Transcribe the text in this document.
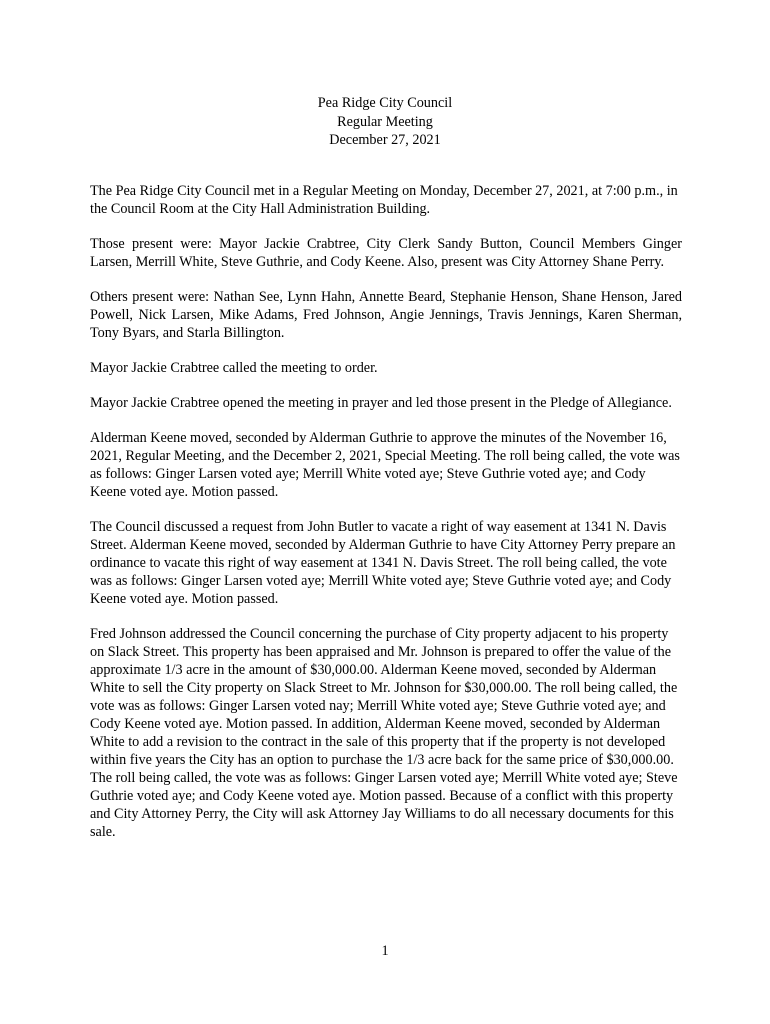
Pea Ridge City Council
Regular Meeting
December 27, 2021

The Pea Ridge City Council met in a Regular Meeting on Monday, December 27, 2021, at 7:00 p.m., in the Council Room at the City Hall Administration Building.

Those present were: Mayor Jackie Crabtree, City Clerk Sandy Button, Council Members Ginger Larsen, Merrill White, Steve Guthrie, and Cody Keene. Also, present was City Attorney Shane Perry.

Others present were: Nathan See, Lynn Hahn, Annette Beard, Stephanie Henson, Shane Henson, Jared Powell, Nick Larsen, Mike Adams, Fred Johnson, Angie Jennings, Travis Jennings, Karen Sherman, Tony Byars, and Starla Billington.

Mayor Jackie Crabtree called the meeting to order.

Mayor Jackie Crabtree opened the meeting in prayer and led those present in the Pledge of Allegiance.

Alderman Keene moved, seconded by Alderman Guthrie to approve the minutes of the November 16, 2021, Regular Meeting, and the December 2, 2021, Special Meeting. The roll being called, the vote was as follows: Ginger Larsen voted aye; Merrill White voted aye; Steve Guthrie voted aye; and Cody Keene voted aye. Motion passed.

The Council discussed a request from John Butler to vacate a right of way easement at 1341 N. Davis Street. Alderman Keene moved, seconded by Alderman Guthrie to have City Attorney Perry prepare an ordinance to vacate this right of way easement at 1341 N. Davis Street. The roll being called, the vote was as follows: Ginger Larsen voted aye; Merrill White voted aye; Steve Guthrie voted aye; and Cody Keene voted aye. Motion passed.

Fred Johnson addressed the Council concerning the purchase of City property adjacent to his property on Slack Street. This property has been appraised and Mr. Johnson is prepared to offer the value of the approximate 1/3 acre in the amount of $30,000.00. Alderman Keene moved, seconded by Alderman White to sell the City property on Slack Street to Mr. Johnson for $30,000.00. The roll being called, the vote was as follows: Ginger Larsen voted nay; Merrill White voted aye; Steve Guthrie voted aye; and Cody Keene voted aye. Motion passed. In addition, Alderman Keene moved, seconded by Alderman White to add a revision to the contract in the sale of this property that if the property is not developed within five years the City has an option to purchase the 1/3 acre back for the same price of $30,000.00. The roll being called, the vote was as follows: Ginger Larsen voted aye; Merrill White voted aye; Steve Guthrie voted aye; and Cody Keene voted aye. Motion passed. Because of a conflict with this property and City Attorney Perry, the City will ask Attorney Jay Williams to do all necessary documents for this sale.

1
